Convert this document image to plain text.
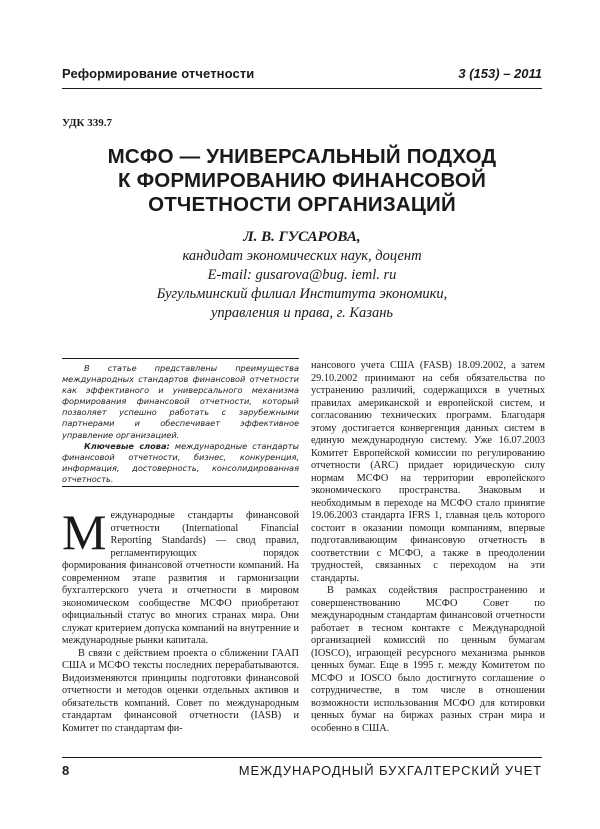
Реформирование отчетности	3 (153) – 2011
УДК 339.7
МСФО — УНИВЕРСАЛЬНЫЙ ПОДХОД
К ФОРМИРОВАНИЮ ФИНАНСОВОЙ
ОТЧЕТНОСТИ ОРГАНИЗАЦИЙ
Л. В. ГУСАРОВА,
кандидат экономических наук, доцент
E-mail: gusarova@bug. ieml. ru
Бугульминский филиал Института экономики,
управления и права, г. Казань

В статье представлены преимущества международных стандартов финансовой отчетности как эффективного и универсального механизма формирования финансовой отчетности, который позволяет успешно работать с зарубежными партнерами и обеспечивает эффективное управление организацией.

Ключевые слова: международные стандарты финансовой отчетности, бизнес, конкуренция, информация, достоверность, консолидированная отчетность.

Международные стандарты финансовой отчетности (International Financial Reporting Standards) — свод правил, регламентирующих порядок формирования финансовой отчетности компаний. На современном этапе развития и гармонизации бухгалтерского учета и отчетности в мировом экономическом сообществе МСФО приобретают официальный статус во многих странах мира. Они служат критерием допуска компаний на внутренние и международные рынки капитала.

В связи с действием проекта о сближении ГААП США и МСФО тексты последних перерабатываются. Видоизменяются принципы подготовки финансовой отчетности и методов оценки отдельных активов и обязательств компаний. Совет по международным стандартам финансовой отчетности (IASB) и Комитет по стандартам фи-

нансового учета США (FASB) 18.09.2002, а затем 29.10.2002 принимают на себя обязательства по устранению различий, содержащихся в учетных правилах американской и европейской систем, и согласованию технических программ. Благодаря этому достигается конвергенция данных систем в единую международную систему. Уже 16.07.2003 Комитет Европейской комиссии по регулированию отчетности (ARC) придает юридическую силу нормам МСФО на территории европейского экономического пространства. Знаковым и необходимым в переходе на МСФО стало принятие 19.06.2003 стандарта IFRS 1, главная цель которого состоит в оказании помощи компаниям, впервые подготавливающим финансовую отчетность в соответствии с МСФО, а также в преодолении трудностей, связанных с переходом на эти стандарты.

В рамках содействия распространению и совершенствованию МСФО Совет по международным стандартам финансовой отчетности работает в тесном контакте с Международной организацией комиссий по ценным бумагам (IOSCO), играющей ресурсного механизма рынков ценных бумаг. Еще в 1995 г. между Комитетом по МСФО и IOSCO было достигнуто соглашение о сотрудничестве, в том числе в отношении возможности использования МСФО для котировки ценных бумаг на биржах разных стран мира и особенно в США.

8	МЕЖДУНАРОДНЫЙ БУХГАЛТЕРСКИЙ УЧЕТ
